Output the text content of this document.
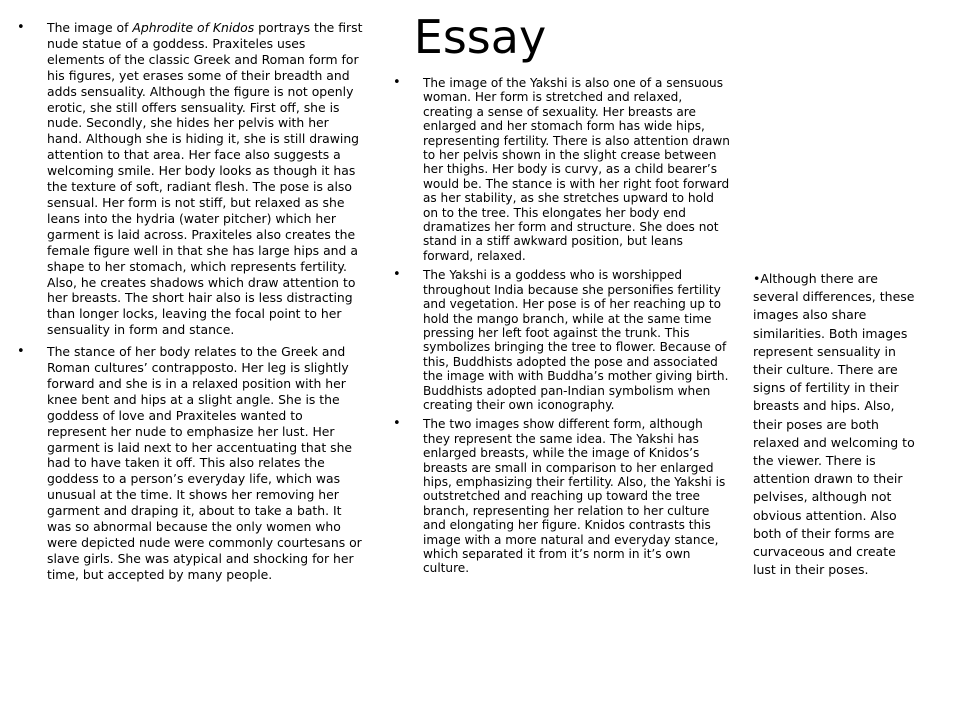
Essay
• The image of Aphrodite of Knidos portrays the first nude statue of a goddess. Praxiteles uses elements of the classic Greek and Roman form for his figures, yet erases some of their breadth and adds sensuality. Although the figure is not openly erotic, she still offers sensuality. First off, she is nude. Secondly, she hides her pelvis with her hand. Although she is hiding it, she is still drawing attention to that area. Her face also suggests a welcoming smile. Her body looks as though it has the texture of soft, radiant flesh. The pose is also sensual. Her form is not stiff, but relaxed as she leans into the hydria (water pitcher) which her garment is laid across. Praxiteles also creates the female figure well in that she has large hips and a shape to her stomach, which represents fertility. Also, he creates shadows which draw attention to her breasts. The short hair also is less distracting than longer locks, leaving the focal point to her sensuality in form and stance.
• The stance of her body relates to the Greek and Roman cultures’ contrapposto. Her leg is slightly forward and she is in a relaxed position with her knee bent and hips at a slight angle. She is the goddess of love and Praxiteles wanted to represent her nude to emphasize her lust. Her garment is laid next to her accentuating that she had to have taken it off. This also relates the goddess to a person’s everyday life, which was unusual at the time. It shows her removing her garment and draping it, about to take a bath. It was so abnormal because the only women who were depicted nude were commonly courtesans or slave girls. She was atypical and shocking for her time, but accepted by many people.
• The image of the Yakshi is also one of a sensuous woman. Her form is stretched and relaxed, creating a sense of sexuality. Her breasts are enlarged and her stomach form has wide hips, representing fertility. There is also attention drawn to her pelvis shown in the slight crease between her thighs. Her body is curvy, as a child bearer’s would be. The stance is with her right foot forward as her stability, as she stretches upward to hold on to the tree. This elongates her body end dramatizes her form and structure. She does not stand in a stiff awkward position, but leans forward, relaxed.
• The Yakshi is a goddess who is worshipped throughout India because she personifies fertility and vegetation. Her pose is of her reaching up to hold the mango branch, while at the same time pressing her left foot against the trunk. This symbolizes bringing the tree to flower. Because of this, Buddhists adopted the pose and associated the image with with Buddha’s mother giving birth. Buddhists adopted pan-Indian symbolism when creating their own iconography.
• The two images show different form, although they represent the same idea. The Yakshi has enlarged breasts, while the image of Knidos’s breasts are small in comparison to her enlarged hips, emphasizing their fertility. Also, the Yakshi is outstretched and reaching up toward the tree branch, representing her relation to her culture and elongating her figure. Knidos contrasts this image with a more natural and everyday stance, which separated it from it’s norm in it’s own culture.
•Although there are several differences, these images also share similarities. Both images represent sensuality in their culture. There are signs of fertility in their breasts and hips. Also, their poses are both relaxed and welcoming to the viewer. There is attention drawn to their pelvises, although not obvious attention. Also both of their forms are curvaceous and create lust in their poses.
